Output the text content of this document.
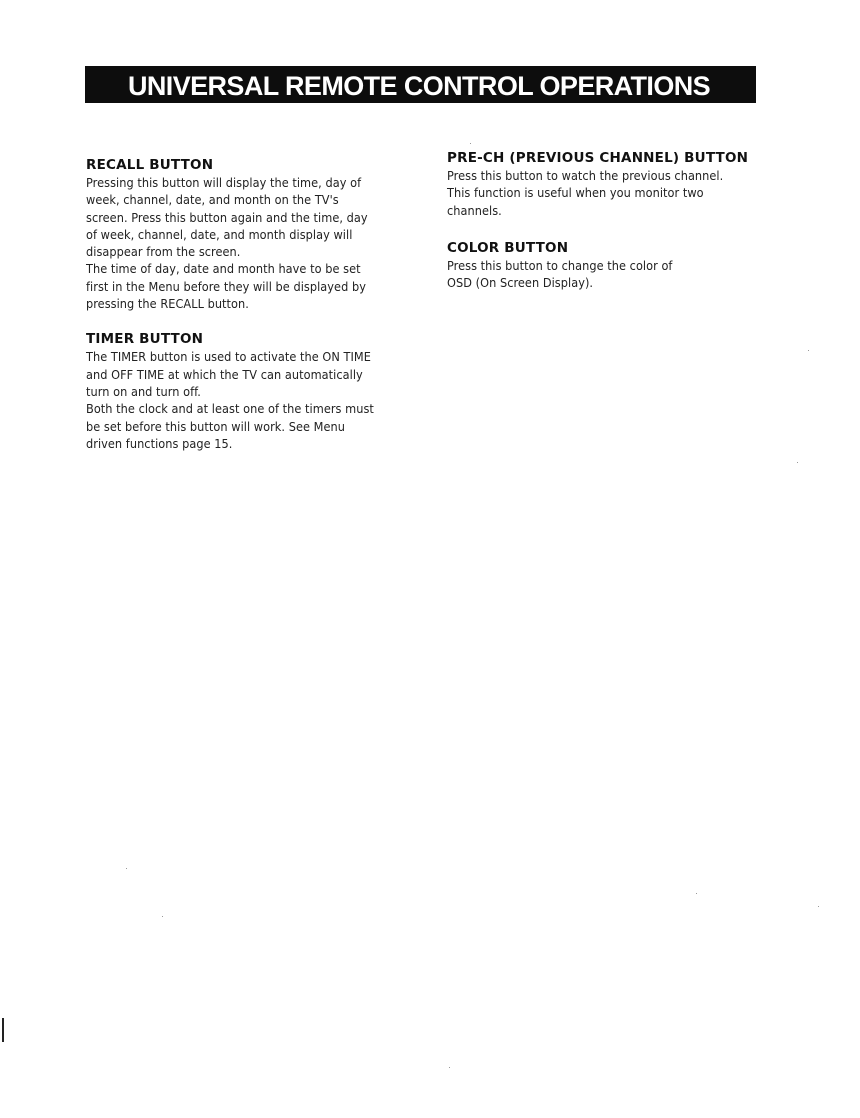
UNIVERSAL REMOTE CONTROL OPERATIONS
RECALL BUTTON
Pressing this button will display the time, day of
week, channel, date, and month on the TV's
screen. Press this button again and the time, day
of week, channel, date, and month display will
disappear from the screen.
The time of day, date and month have to be set
first in the Menu before they will be displayed by
pressing the RECALL button.
TIMER BUTTON
The TIMER button is used to activate the ON TIME
and OFF TIME at which the TV can automatically
turn on and turn off.
Both the clock and at least one of the timers must
be set before this button will work. See Menu
driven functions page 15.
PRE-CH (PREVIOUS CHANNEL) BUTTON
Press this button to watch the previous channel.
This function is useful when you monitor two
channels.
COLOR BUTTON
Press this button to change the color of
OSD (On Screen Display).
